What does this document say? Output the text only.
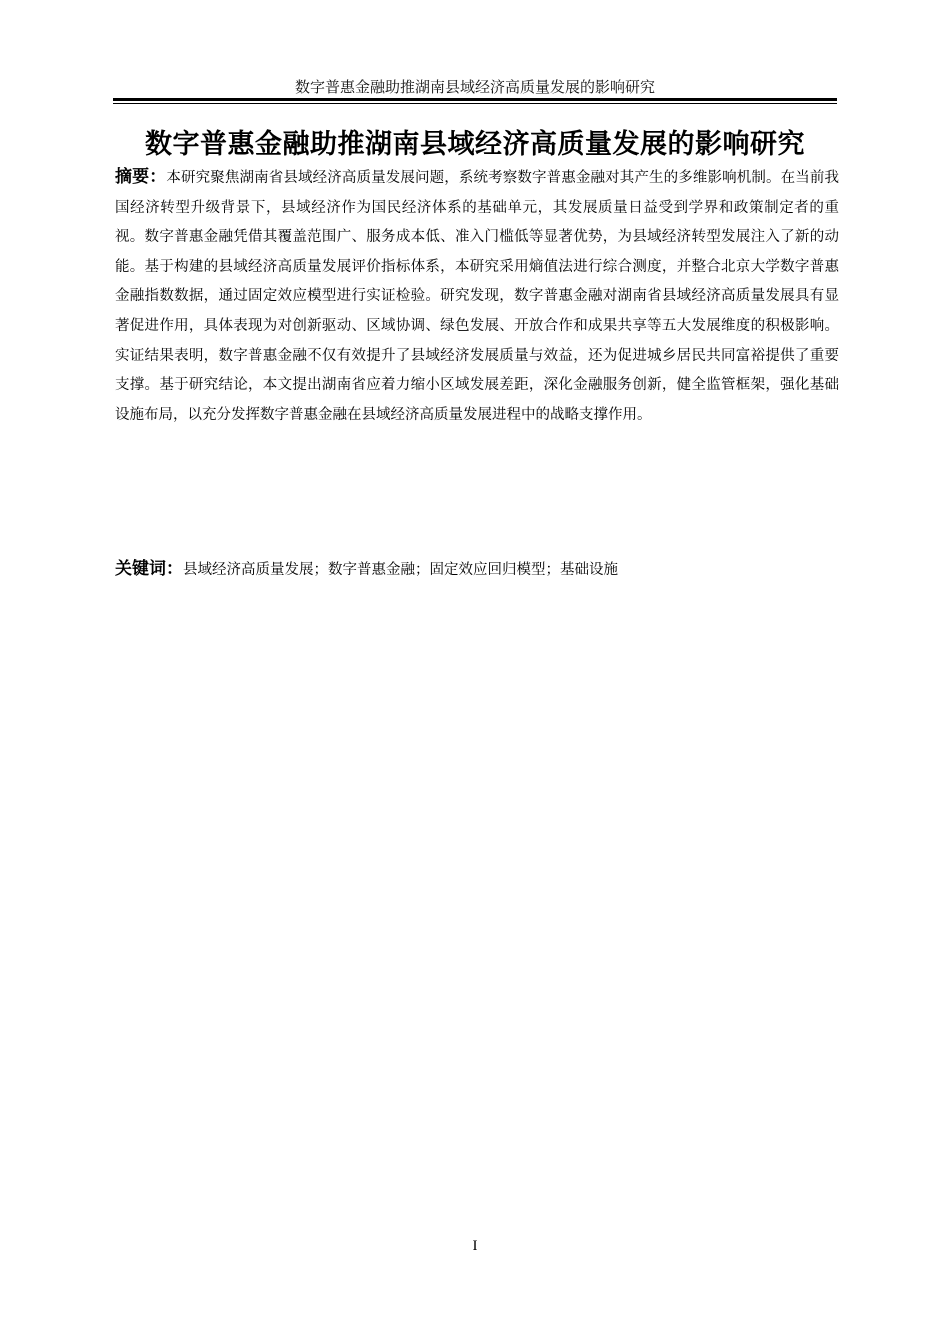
数字普惠金融助推湖南县域经济高质量发展的影响研究
数字普惠金融助推湖南县域经济高质量发展的影响研究
摘要：本研究聚焦湖南省县域经济高质量发展问题，系统考察数字普惠金融对其产生的多维影响机制。在当前我国经济转型升级背景下，县域经济作为国民经济体系的基础单元，其发展质量日益受到学界和政策制定者的重视。数字普惠金融凭借其覆盖范围广、服务成本低、准入门槛低等显著优势，为县域经济转型发展注入了新的动能。基于构建的县域经济高质量发展评价指标体系，本研究采用熵值法进行综合测度，并整合北京大学数字普惠金融指数数据，通过固定效应模型进行实证检验。研究发现，数字普惠金融对湖南省县域经济高质量发展具有显著促进作用，具体表现为对创新驱动、区域协调、绿色发展、开放合作和成果共享等五大发展维度的积极影响。实证结果表明，数字普惠金融不仅有效提升了县域经济发展质量与效益，还为促进城乡居民共同富裕提供了重要支撑。基于研究结论，本文提出湖南省应着力缩小区域发展差距，深化金融服务创新，健全监管框架，强化基础设施布局，以充分发挥数字普惠金融在县域经济高质量发展进程中的战略支撑作用。
关键词：县域经济高质量发展；数字普惠金融；固定效应回归模型；基础设施
I
